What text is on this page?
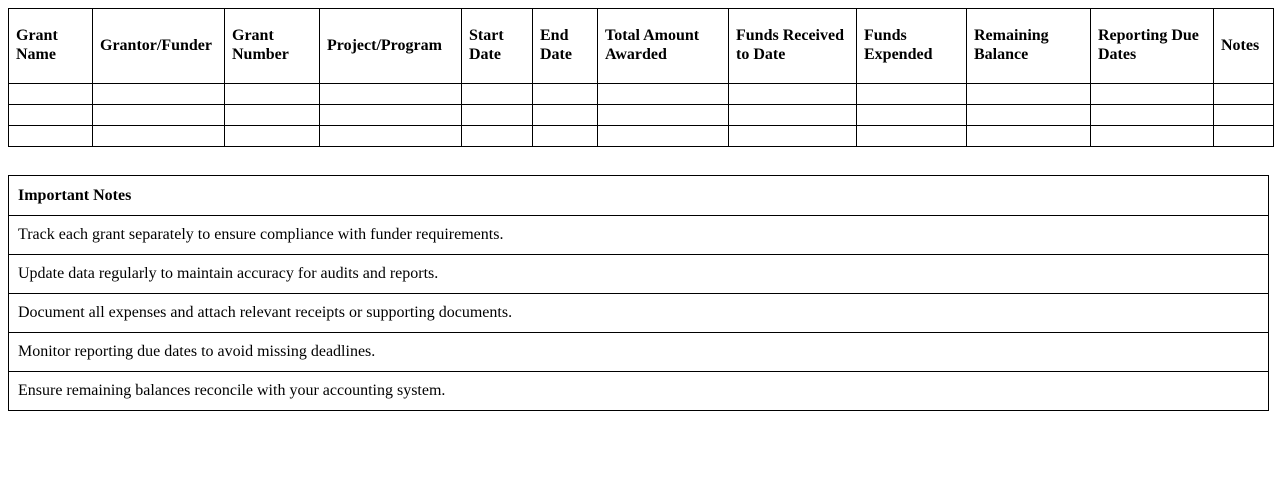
Grant Name	Grantor/Funder	Grant Number	Project/Program	Start Date	End Date	Total Amount Awarded	Funds Received to Date	Funds Expended	Remaining Balance	Reporting Due Dates	Notes

Important Notes
Track each grant separately to ensure compliance with funder requirements.
Update data regularly to maintain accuracy for audits and reports.
Document all expenses and attach relevant receipts or supporting documents.
Monitor reporting due dates to avoid missing deadlines.
Ensure remaining balances reconcile with your accounting system.
